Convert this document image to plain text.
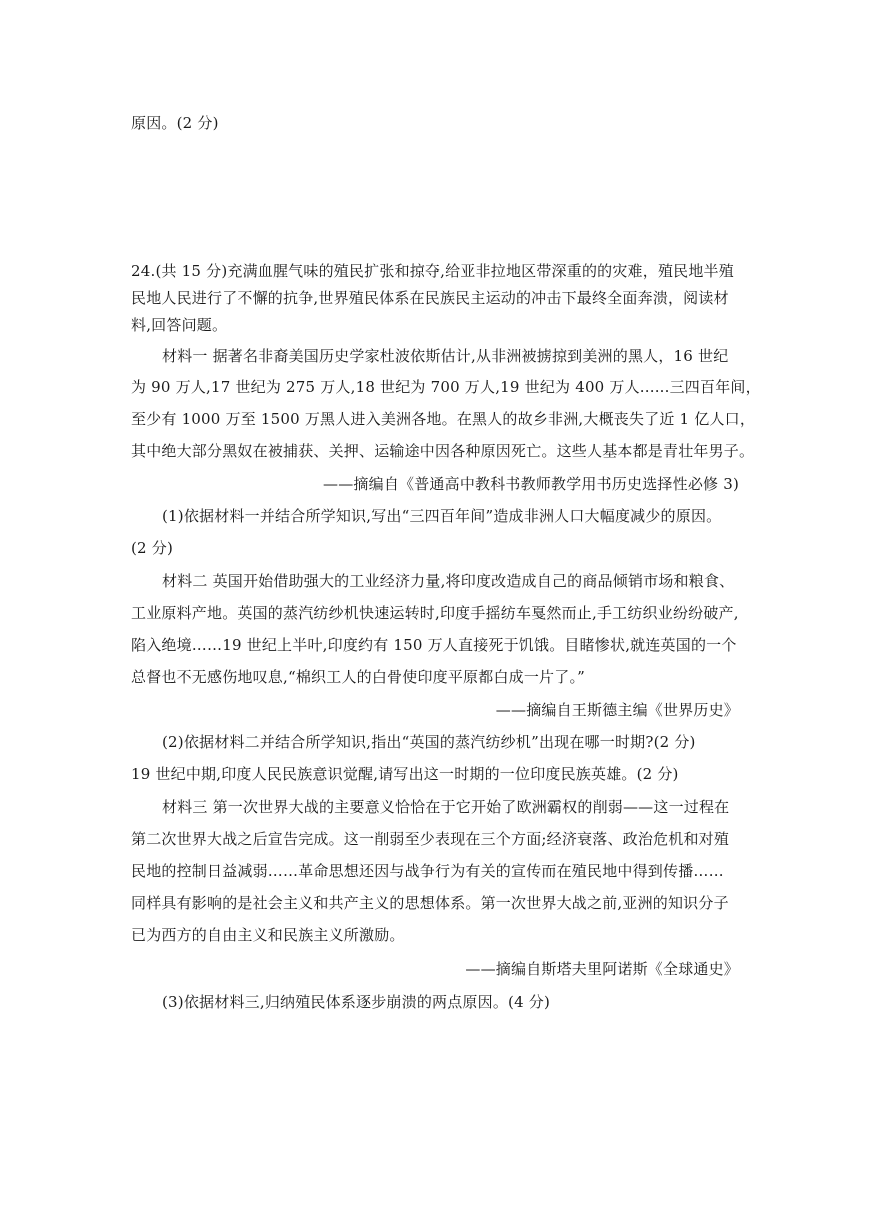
原因。(2 分)
24.(共 15 分)充满血腥气味的殖民扩张和掠夺,给亚非拉地区带深重的的灾难，殖民地半殖
民地人民进行了不懈的抗争,世界殖民体系在民族民主运动的冲击下最终全面奔溃，阅读材
料,回答问题。
材料一 据著名非裔美国历史学家杜波依斯估计,从非洲被掳掠到美洲的黑人，16 世纪
为 90 万人,17 世纪为 275 万人,18 世纪为 700 万人,19 世纪为 400 万人......三四百年间，
至少有 1000 万至 1500 万黑人进入美洲各地。在黑人的故乡非洲,大概丧失了近 1 亿人口，
其中绝大部分黑奴在被捕获、关押、运输途中因各种原因死亡。这些人基本都是青壮年男子。
——摘编自《普通高中教科书教师教学用书历史选择性必修 3)
(1)依据材料一并结合所学知识,写出“三四百年间”造成非洲人口大幅度减少的原因。
(2 分)
材料二 英国开始借助强大的工业经济力量,将印度改造成自己的商品倾销市场和粮食、
工业原料产地。英国的蒸汽纺纱机快速运转时,印度手摇纺车戛然而止,手工纺织业纷纷破产,
陷入绝境……19 世纪上半叶,印度约有 150 万人直接死于饥饿。目睹惨状,就连英国的一个
总督也不无感伤地叹息,“棉织工人的白骨使印度平原都白成一片了。”
——摘编自王斯德主编《世界历史》
(2)依据材料二并结合所学知识,指出“英国的蒸汽纺纱机”出现在哪一时期?(2 分)
19 世纪中期,印度人民民族意识觉醒,请写出这一时期的一位印度民族英雄。(2 分)
材料三 第一次世界大战的主要意义恰恰在于它开始了欧洲霸权的削弱——这一过程在
第二次世界大战之后宣告完成。这一削弱至少表现在三个方面;经济衰落、政治危机和对殖
民地的控制日益减弱……革命思想还因与战争行为有关的宣传而在殖民地中得到传播……
同样具有影响的是社会主义和共产主义的思想体系。第一次世界大战之前,亚洲的知识分子
已为西方的自由主义和民族主义所激励。
——摘编自斯塔夫里阿诺斯《全球通史》
(3)依据材料三,归纳殖民体系逐步崩溃的两点原因。(4 分)
